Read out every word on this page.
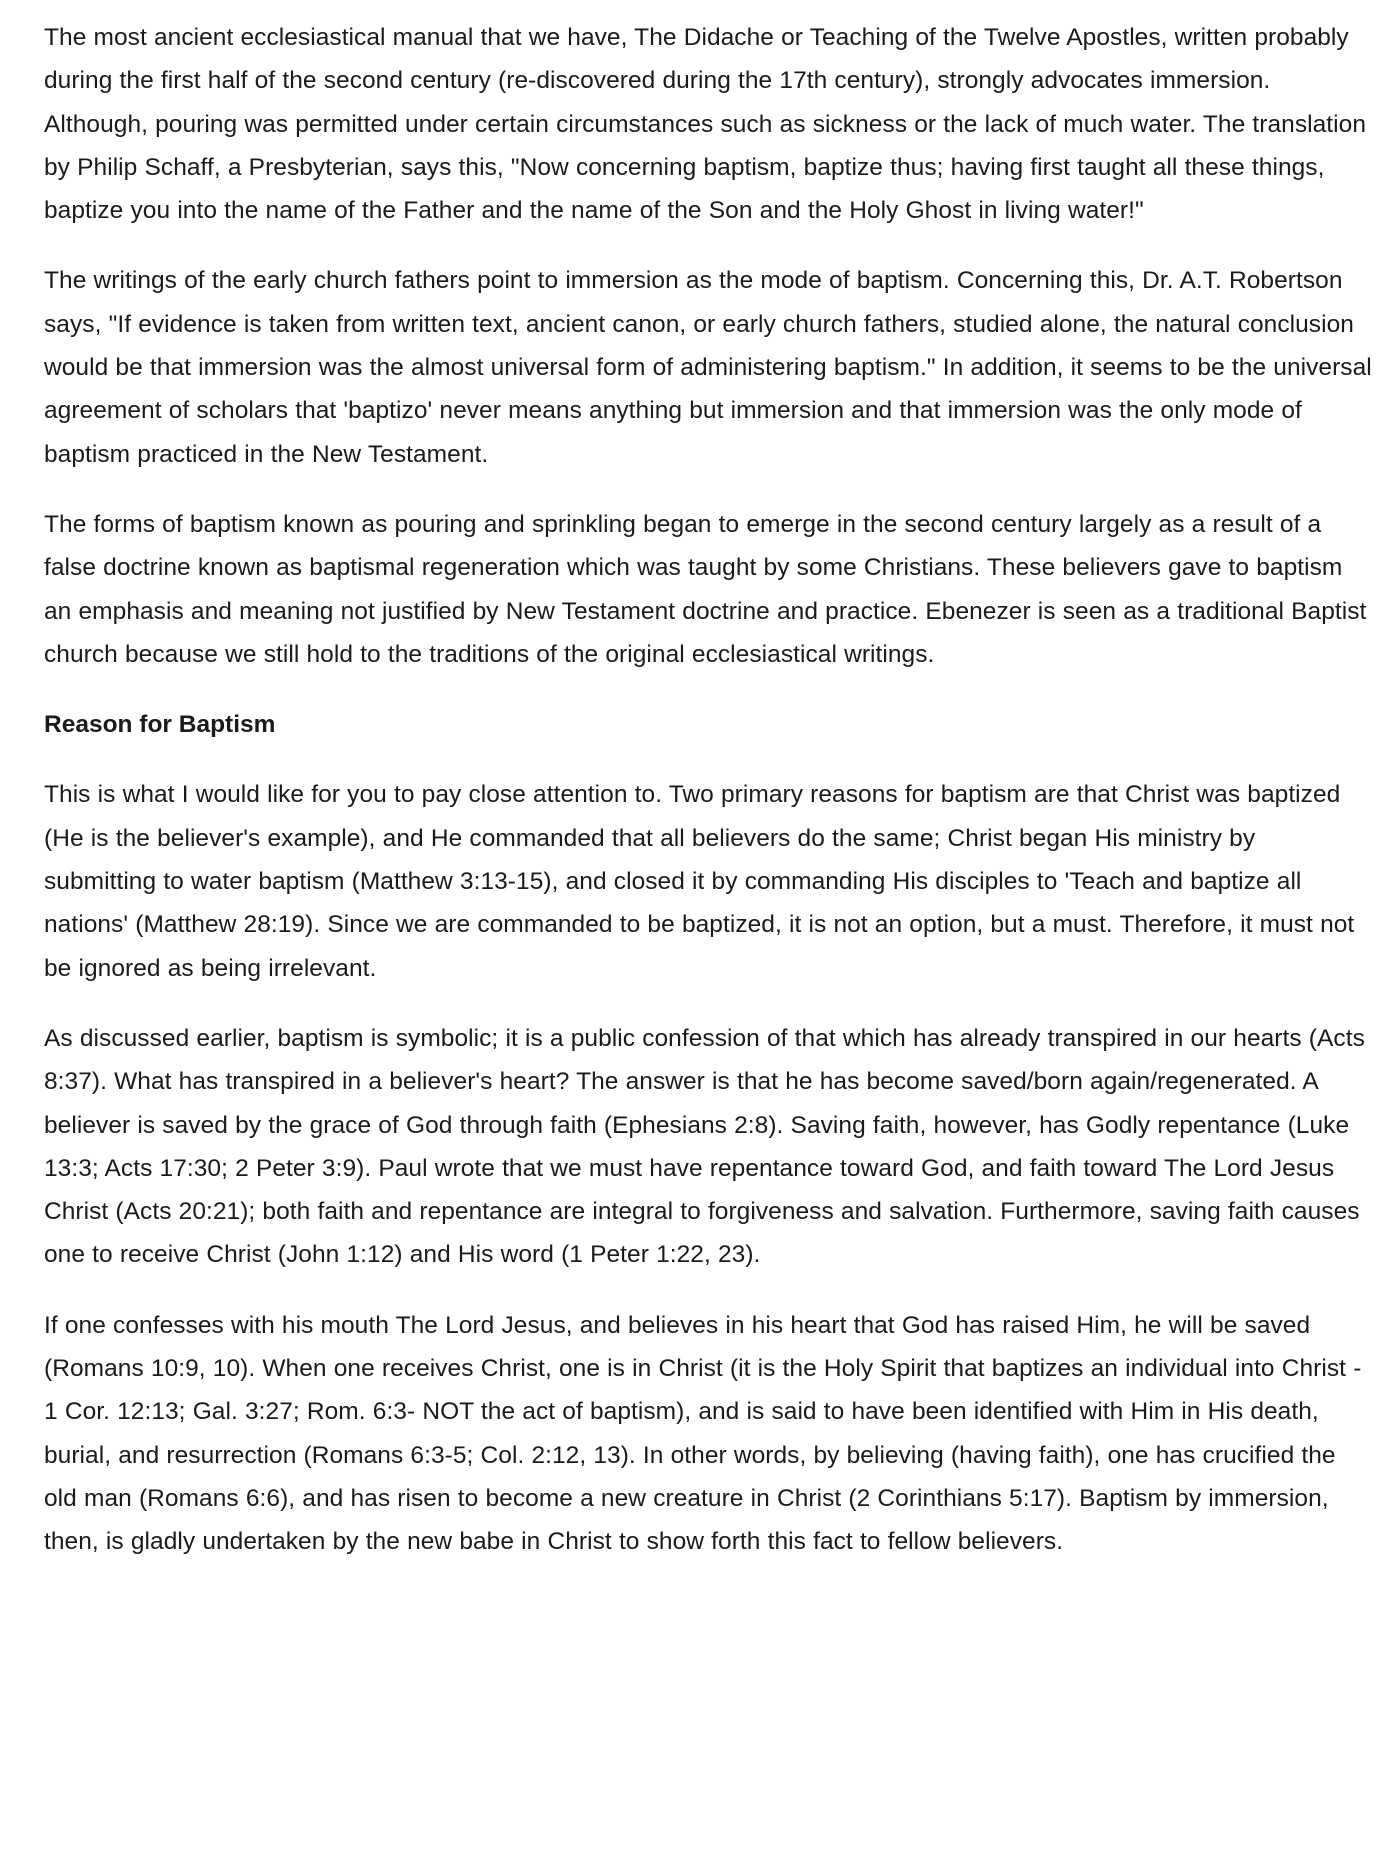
The most ancient ecclesiastical manual that we have, The Didache or Teaching of the Twelve Apostles, written probably during the first half of the second century (re-discovered during the 17th century), strongly advocates immersion. Although, pouring was permitted under certain circumstances such as sickness or the lack of much water. The translation by Philip Schaff, a Presbyterian, says this, "Now concerning baptism, baptize thus; having first taught all these things, baptize you into the name of the Father and the name of the Son and the Holy Ghost in living water!"

The writings of the early church fathers point to immersion as the mode of baptism. Concerning this, Dr. A.T. Robertson says, "If evidence is taken from written text, ancient canon, or early church fathers, studied alone, the natural conclusion would be that immersion was the almost universal form of administering baptism." In addition, it seems to be the universal agreement of scholars that 'baptizo' never means anything but immersion and that immersion was the only mode of baptism practiced in the New Testament.

The forms of baptism known as pouring and sprinkling began to emerge in the second century largely as a result of a false doctrine known as baptismal regeneration which was taught by some Christians. These believers gave to baptism an emphasis and meaning not justified by New Testament doctrine and practice. Ebenezer is seen as a traditional Baptist church because we still hold to the traditions of the original ecclesiastical writings.

Reason for Baptism

This is what I would like for you to pay close attention to. Two primary reasons for baptism are that Christ was baptized (He is the believer's example), and He commanded that all believers do the same; Christ began His ministry by submitting to water baptism (Matthew 3:13-15), and closed it by commanding His disciples to 'Teach and baptize all nations' (Matthew 28:19). Since we are commanded to be baptized, it is not an option, but a must. Therefore, it must not be ignored as being irrelevant.

As discussed earlier, baptism is symbolic; it is a public confession of that which has already transpired in our hearts (Acts 8:37). What has transpired in a believer's heart? The answer is that he has become saved/born again/regenerated. A believer is saved by the grace of God through faith (Ephesians 2:8). Saving faith, however, has Godly repentance (Luke 13:3; Acts 17:30; 2 Peter 3:9). Paul wrote that we must have repentance toward God, and faith toward The Lord Jesus Christ (Acts 20:21); both faith and repentance are integral to forgiveness and salvation. Furthermore, saving faith causes one to receive Christ (John 1:12) and His word (1 Peter 1:22, 23).

If one confesses with his mouth The Lord Jesus, and believes in his heart that God has raised Him, he will be saved (Romans 10:9, 10). When one receives Christ, one is in Christ (it is the Holy Spirit that baptizes an individual into Christ - 1 Cor. 12:13; Gal. 3:27; Rom. 6:3- NOT the act of baptism), and is said to have been identified with Him in His death, burial, and resurrection (Romans 6:3-5; Col. 2:12, 13). In other words, by believing (having faith), one has crucified the old man (Romans 6:6), and has risen to become a new creature in Christ (2 Corinthians 5:17). Baptism by immersion, then, is gladly undertaken by the new babe in Christ to show forth this fact to fellow believers.
